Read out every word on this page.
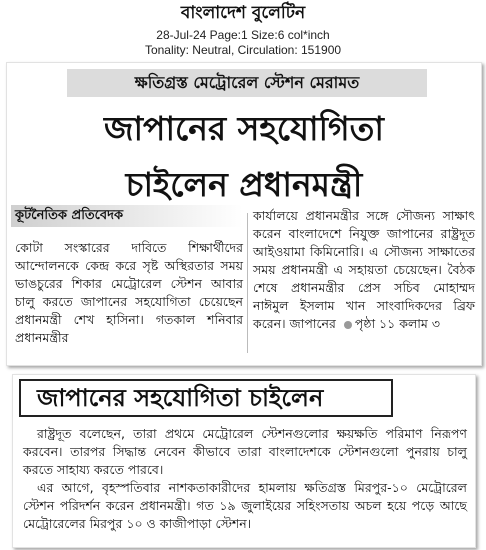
বাংলাদেশ বুলেটিন
28-Jul-24 Page:1 Size:6 col*inch
Tonality: Neutral, Circulation: 151900
ক্ষতিগ্রস্ত মেট্রোরেল স্টেশন মেরামত
জাপানের সহযোগিতা
চাইলেন প্রধানমন্ত্রী
কূটনৈতিক প্রতিবেদক
কোটা সংস্কারের দাবিতে শিক্ষার্থীদের আন্দোলনকে কেন্দ্র করে সৃষ্ট অস্থিরতার সময় ভাঙচুরের শিকার মেট্রোরেল স্টেশন আবার চালু করতে জাপানের সহযোগিতা চেয়েছেন প্রধানমন্ত্রী শেখ হাসিনা। গতকাল শনিবার প্রধানমন্ত্রীর
কার্যালয়ে প্রধানমন্ত্রীর সঙ্গে সৌজন্য সাক্ষাৎ করেন বাংলাদেশে নিযুক্ত জাপানের রাষ্ট্রদূত আইওয়ামা কিমিনোরি। এ সৌজন্য সাক্ষাতের সময় প্রধানমন্ত্রী এ সহায়তা চেয়েছেন। বৈঠক শেষে প্রধানমন্ত্রীর প্রেস সচিব মোহাম্মদ নাঈমুল ইসলাম খান সাংবাদিকদের ব্রিফ করেন। জাপানের পৃষ্ঠা ১১ কলাম ৩
জাপানের সহযোগিতা চাইলেন

রাষ্ট্রদূত বলেছেন, তারা প্রথমে মেট্রোরেল স্টেশনগুলোর ক্ষয়ক্ষতি পরিমাণ নিরূপণ করবেন। তারপর সিদ্ধান্ত নেবেন কীভাবে তারা বাংলাদেশকে স্টেশনগুলো পুনরায় চালু করতে সাহায্য করতে পারবে।

এর আগে, বৃহস্পতিবার নাশকতাকারীদের হামলায় ক্ষতিগ্রস্ত মিরপুর-১০ মেট্রোরেল স্টেশন পরিদর্শন করেন প্রধানমন্ত্রী। গত ১৯ জুলাইয়ের সহিংসতায় অচল হয়ে পড়ে আছে মেট্রোরেলের মিরপুর ১০ ও কাজীপাড়া স্টেশন।
